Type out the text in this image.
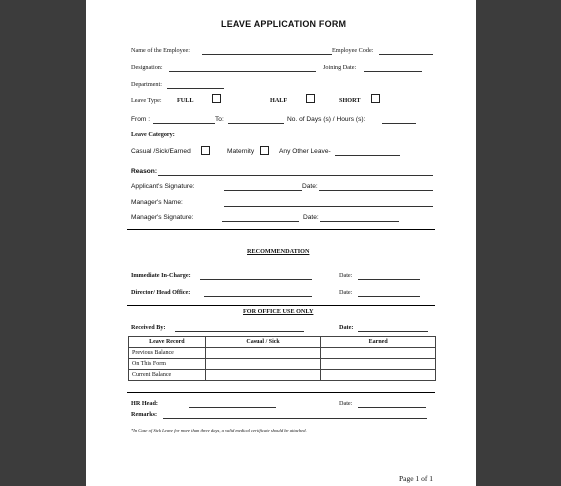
LEAVE APPLICATION FORM
Name of the Employee:	Employee Code:
Designation:	Joining Date:
Department:
Leave Type: FULL	HALF	SHORT
From :	To:	No. of Days (s) / Hours (s):
Leave Category:
Casual /Sick/Earned	Maternity	Any Other Leave-
Reason:
Applicant's Signature:	Date:
Manager's Name:
Manager's Signature:	Date:
RECOMMENDATION
Immediate In-Charge:	Date:
Director/ Head Office:	Date:
FOR OFFICE USE ONLY
Received By:	Date:
Leave Record	Casual / Sick	Earned
Previous Balance		
On This Form		
Current Balance		
HR Head:	Date:
Remarks:
*In Case of Sick Leave for more than three days, a valid medical certificate should be attached.
Page 1 of 1
